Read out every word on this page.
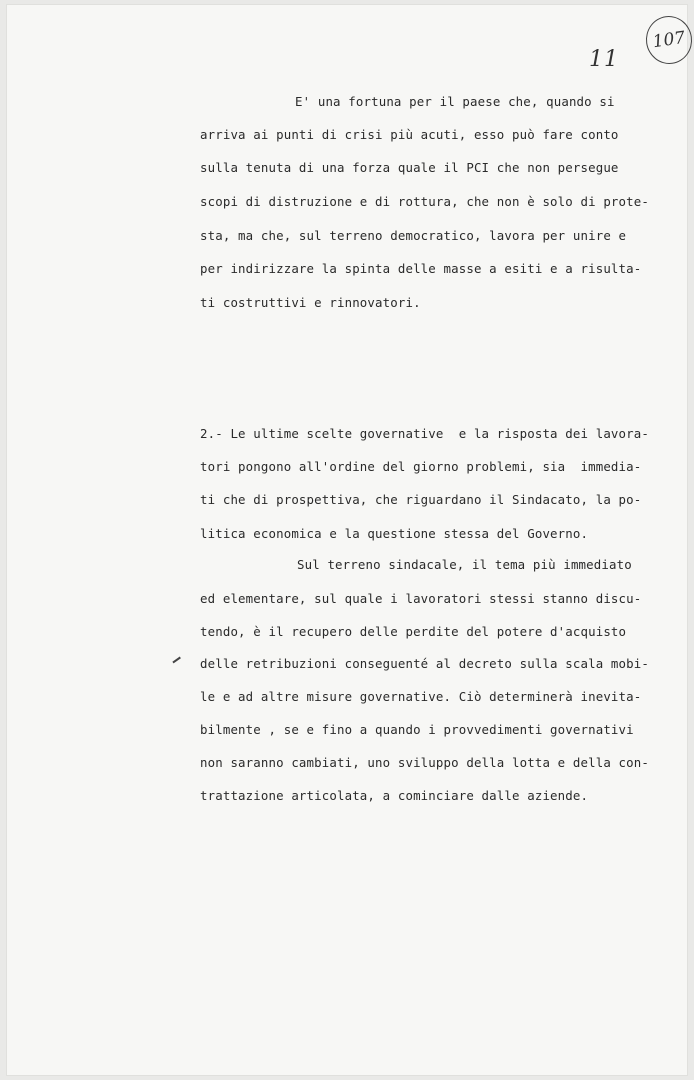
11
107
E' una fortuna per il paese che, quando si
arriva ai punti di crisi più acuti, esso può fare conto
sulla tenuta di una forza quale il PCI che non persegue
scopi di distruzione e di rottura, che non è solo di prote-
sta, ma che, sul terreno democratico, lavora per unire e
per indirizzare la spinta delle masse a esiti e a risulta-
ti costruttivi e rinnovatori.
2.- Le ultime scelte governative  e la risposta dei lavora-
tori pongono all'ordine del giorno problemi, sia  immedia-
ti che di prospettiva, che riguardano il Sindacato, la po-
litica economica e la questione stessa del Governo.
Sul terreno sindacale, il tema più immediato
ed elementare, sul quale i lavoratori stessi stanno discu-
tendo, è il recupero delle perdite del potere d'acquisto
delle retribuzioni conseguenté al decreto sulla scala mobi-
le e ad altre misure governative. Ciò determinerà inevita-
bilmente , se e fino a quando i provvedimenti governativi
non saranno cambiati, uno sviluppo della lotta e della con-
trattazione articolata, a cominciare dalle aziende.
